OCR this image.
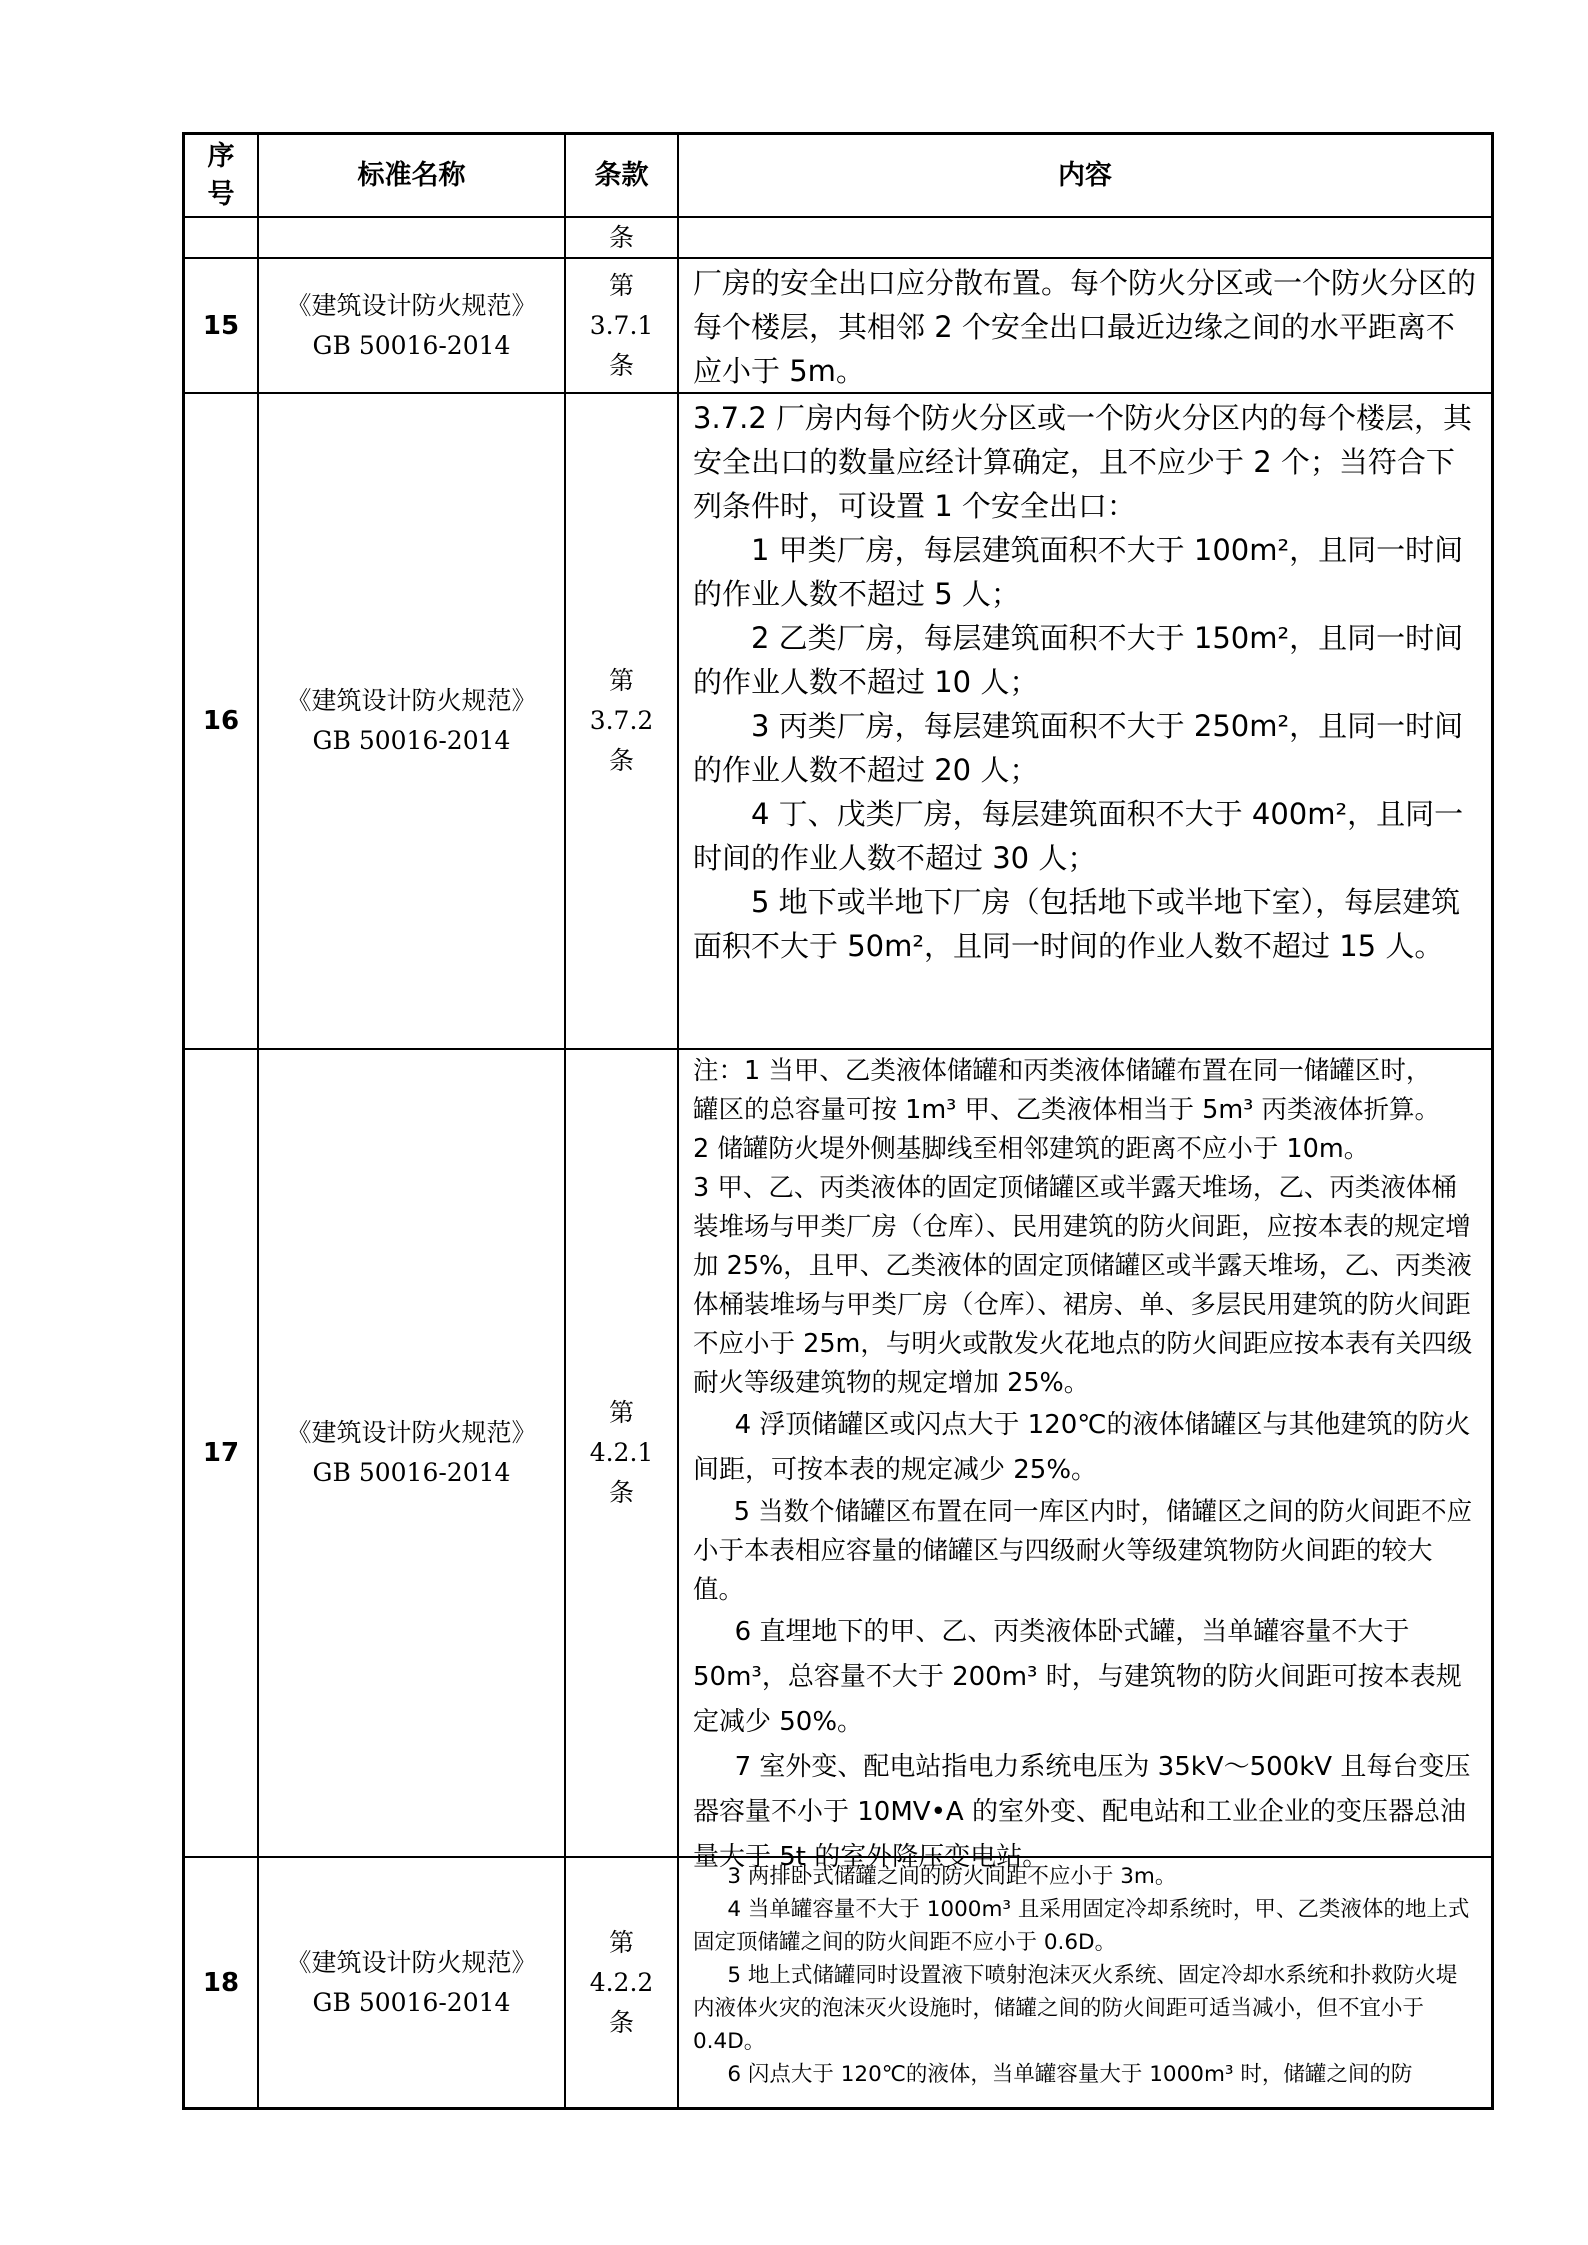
序
号
标准名称	条款	内容
条
15
《建筑设计防火规范》
GB 50016-2014
第
3.7.1
条

厂房的安全出口应分散布置。每个防火分区或一个防火分区的每个楼层，其相邻 2 个安全出口最近边缘之间的水平距离不应小于 5m。

16
《建筑设计防火规范》
GB 50016-2014
第
3.7.2
条

3.7.2 厂房内每个防火分区或一个防火分区内的每个楼层，其安全出口的数量应经计算确定，且不应少于 2 个；当符合下列条件时，可设置 1 个安全出口：

1 甲类厂房，每层建筑面积不大于 100m²，且同一时间的作业人数不超过 5 人；

2 乙类厂房，每层建筑面积不大于 150m²，且同一时间的作业人数不超过 10 人；

3 丙类厂房，每层建筑面积不大于 250m²，且同一时间的作业人数不超过 20 人；

4 丁、戊类厂房，每层建筑面积不大于 400m²，且同一时间的作业人数不超过 30 人；

5 地下或半地下厂房（包括地下或半地下室），每层建筑面积不大于 50m²，且同一时间的作业人数不超过 15 人。

17
《建筑设计防火规范》
GB 50016-2014
第
4.2.1
条

注：1 当甲、乙类液体储罐和丙类液体储罐布置在同一储罐区时，

罐区的总容量可按 1m³ 甲、乙类液体相当于 5m³ 丙类液体折算。

2 储罐防火堤外侧基脚线至相邻建筑的距离不应小于 10m。

3 甲、乙、丙类液体的固定顶储罐区或半露天堆场，乙、丙类液体桶装堆场与甲类厂房（仓库）、民用建筑的防火间距，应按本表的规定增加 25%，且甲、乙类液体的固定顶储罐区或半露天堆场，乙、丙类液体桶装堆场与甲类厂房（仓库）、裙房、单、多层民用建筑的防火间距不应小于 25m，与明火或散发火花地点的防火间距应按本表有关四级耐火等级建筑物的规定增加 25%。

4 浮顶储罐区或闪点大于 120℃的液体储罐区与其他建筑的防火间距，可按本表的规定减少 25%。

5 当数个储罐区布置在同一库区内时，储罐区之间的防火间距不应小于本表相应容量的储罐区与四级耐火等级建筑物防火间距的较大值。

6 直埋地下的甲、乙、丙类液体卧式罐，当单罐容量不大于 50m³，总容量不大于 200m³ 时，与建筑物的防火间距可按本表规定减少 50%。

7 室外变、配电站指电力系统电压为 35kV～500kV 且每台变压器容量不小于 10MV•A 的室外变、配电站和工业企业的变压器总油量大于 5t 的室外降压变电站。

18
《建筑设计防火规范》
GB 50016-2014
第
4.2.2
条

3 两排卧式储罐之间的防火间距不应小于 3m。

4 当单罐容量不大于 1000m³ 且采用固定冷却系统时，甲、乙类液体的地上式固定顶储罐之间的防火间距不应小于 0.6D。

5 地上式储罐同时设置液下喷射泡沫灭火系统、固定冷却水系统和扑救防火堤内液体火灾的泡沫灭火设施时，储罐之间的防火间距可适当减小，但不宜小于 0.4D。

6 闪点大于 120℃的液体，当单罐容量大于 1000m³ 时，储罐之间的防
